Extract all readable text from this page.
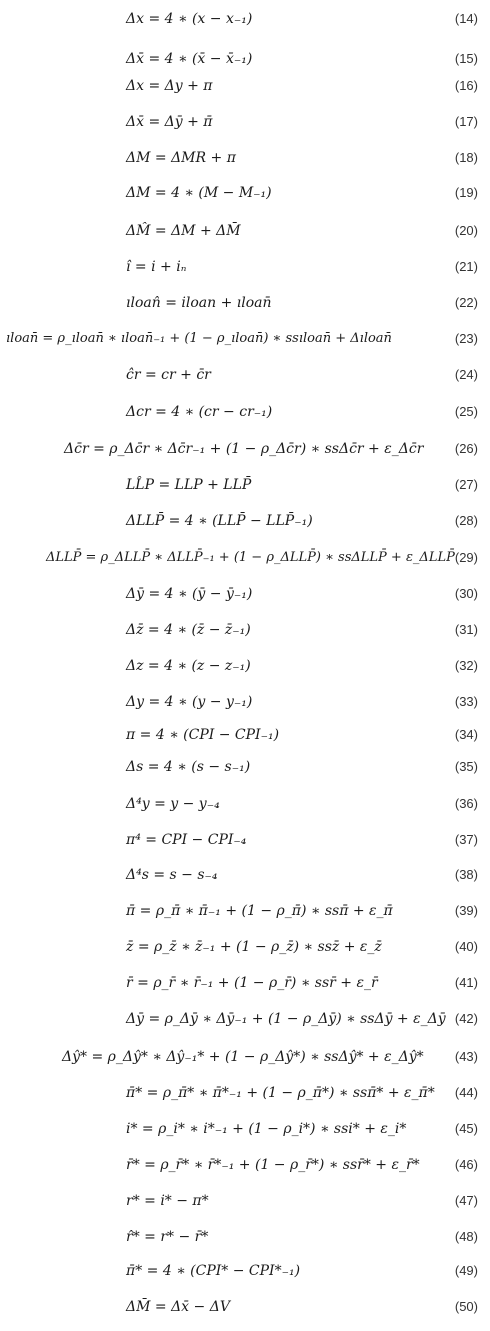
Δx = 4 ∗ (x − x₋₁)	(14)
Δx̄ = 4 ∗ (x̄ − x̄₋₁)	(15)
Δx = Δy + π	(16)
Δx̄ = Δȳ + π̄	(17)
ΔM = ΔMR + π	(18)
ΔM = 4 ∗ (M − M₋₁)	(19)
ΔM̂ = ΔM + ΔM̄	(20)
î = i + iₙ	(21)
ıloan̂ = iloan + ıloan̄	(22)
ıloan̄ = ρ_ıloan̄ ∗ ıloan̄₋₁ + (1 − ρ_ıloan̄) ∗ ssıloan̄ + Δıloan̄	(23)
ĉr = cr + c̄r	(24)
Δcr = 4 ∗ (cr − cr₋₁)	(25)
Δc̄r = ρ_Δc̄r ∗ Δc̄r₋₁ + (1 − ρ_Δc̄r) ∗ ssΔc̄r + ε_Δc̄r (26)
LL̂P = LLP + LLP̄	(27)
ΔLLP̄ = 4 ∗ (LLP̄ − LLP̄₋₁)	(28)
ΔLLP̄ = ρ_ΔLLP̄ ∗ ΔLLP̄₋₁ + (1 − ρ_ΔLLP̄) ∗ ssΔLLP̄ + ε_ΔLLP̄ (29)
Δȳ = 4 ∗ (ȳ − ȳ₋₁)	(30)
Δz̄ = 4 ∗ (z̄ − z̄₋₁)	(31)
Δz = 4 ∗ (z − z₋₁)	(32)
Δy = 4 ∗ (y − y₋₁)	(33)
π = 4 ∗ (CPI − CPI₋₁)	(34)
Δs = 4 ∗ (s − s₋₁)	(35)
Δ⁴y = y − y₋₄	(36)
π⁴ = CPI − CPI₋₄	(37)
Δ⁴s = s − s₋₄	(38)
π̄ = ρ_π̄ ∗ π̄₋₁ + (1 − ρ_π̄) ∗ ssπ̄ + ε_π̄	(39)
z̄ = ρ_z̄ ∗ z̄₋₁ + (1 − ρ_z̄) ∗ ssz̄ + ε_z̄	(40)
r̄ = ρ_r̄ ∗ r̄₋₁ + (1 − ρ_r̄) ∗ ssr̄ + ε_r̄	(41)
Δȳ = ρ_Δȳ ∗ Δȳ₋₁ + (1 − ρ_Δȳ) ∗ ssΔȳ + ε_Δȳ (42)
Δŷ* = ρ_Δŷ* ∗ Δŷ₋₁* + (1 − ρ_Δŷ*) ∗ ssΔŷ* + ε_Δŷ* (43)
π̄* = ρ_π̄* ∗ π̄*₋₁ + (1 − ρ_π̄*) ∗ ssπ̄* + ε_π̄* (44)
i* = ρ_i* ∗ i*₋₁ + (1 − ρ_i*) ∗ ssi* + ε_i*	(45)
r̄* = ρ_r̄* ∗ r̄*₋₁ + (1 − ρ_r̄*) ∗ ssr̄* + ε_r̄*	(46)
r* = i* − π*	(47)
r̂* = r* − r̄*	(48)
π̄* = 4 ∗ (CPI* − CPI*₋₁)	(49)
ΔM̄ = Δx̄ − ΔV	(50)
